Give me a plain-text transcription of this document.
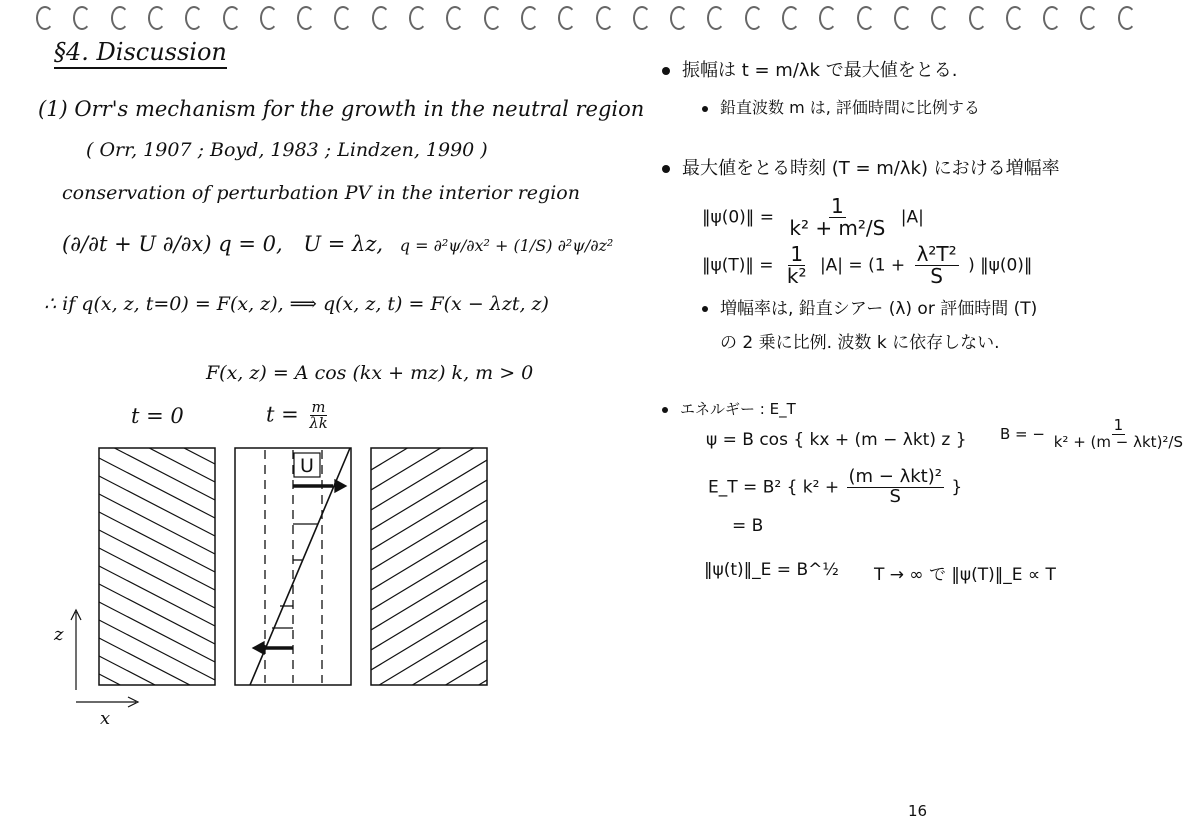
§4. Discussion
(1) Orr's mechanism for the growth in the neutral region
( Orr, 1907 ; Boyd, 1983 ; Lindzen, 1990 )
conservation of perturbation PV in the interior region
(∂/∂t + U ∂/∂x) q = 0, U = λz, q = ∂²ψ/∂x² + (1/S) ∂²ψ/∂z²
∴ if q(x, z, t=0) = F(x, z), ⟹ q(x, z, t) = F(x − λzt, z)
F(x, z) = A cos (kx + mz) k, m > 0
t = 0	$t = \frac{m}{\lambda k}$
U
z
x
振幅は t = m/λk で最大値をとる.
鉛直波数 m は, 評価時間に比例する
最大値をとる時刻 (T = m/λk) における増幅率
‖ψ(0)‖ = $\frac{1}{\text{k² + m²/S}} |A|$
‖ψ(T)‖ = $\frac{1}{\text{k²}} |A| = (1 + \frac{\text{λ²T²}}{S}$ ) ‖ψ(0)‖
増幅率は, 鉛直シアー (λ) or 評価時間 (T)
の 2 乗に比例. 波数 k に依存しない.
エネルギー : E_T
ψ = B cos { kx + (m − λkt) z } B = − $\frac{1}{\text{k² + (m − λkt)²/S}}$
E_T = B² { $k^2 + \frac{\text{(m − λkt)²}}{S}$ }
= B
‖ψ(t)‖_E = B^½ T → ∞ で ‖ψ(T)‖_E ∝ T
16
